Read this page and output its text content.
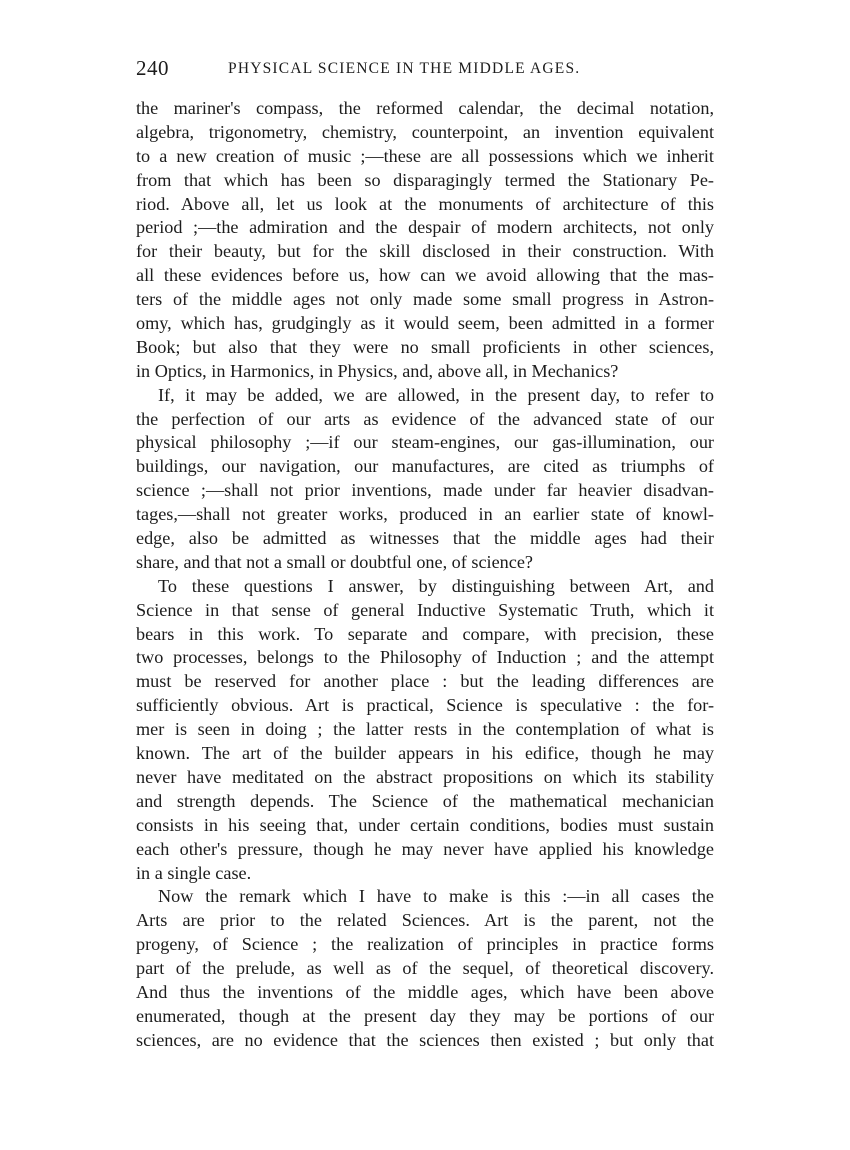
240	PHYSICAL SCIENCE IN THE MIDDLE AGES.
the mariner's compass, the reformed calendar, the decimal notation,
algebra, trigonometry, chemistry, counterpoint, an invention equivalent
to a new creation of music ;—these are all possessions which we inherit
from that which has been so disparagingly termed the Stationary Pe-
riod. Above all, let us look at the monuments of architecture of this
period ;—the admiration and the despair of modern architects, not only
for their beauty, but for the skill disclosed in their construction. With
all these evidences before us, how can we avoid allowing that the mas-
ters of the middle ages not only made some small progress in Astron-
omy, which has, grudgingly as it would seem, been admitted in a former
Book; but also that they were no small proficients in other sciences,
in Optics, in Harmonics, in Physics, and, above all, in Mechanics?
If, it may be added, we are allowed, in the present day, to refer to
the perfection of our arts as evidence of the advanced state of our
physical philosophy ;—if our steam-engines, our gas-illumination, our
buildings, our navigation, our manufactures, are cited as triumphs of
science ;—shall not prior inventions, made under far heavier disadvan-
tages,—shall not greater works, produced in an earlier state of knowl-
edge, also be admitted as witnesses that the middle ages had their
share, and that not a small or doubtful one, of science?
To these questions I answer, by distinguishing between Art, and
Science in that sense of general Inductive Systematic Truth, which it
bears in this work. To separate and compare, with precision, these
two processes, belongs to the Philosophy of Induction ; and the attempt
must be reserved for another place : but the leading differences are
sufficiently obvious. Art is practical, Science is speculative : the for-
mer is seen in doing ; the latter rests in the contemplation of what is
known. The art of the builder appears in his edifice, though he may
never have meditated on the abstract propositions on which its stability
and strength depends. The Science of the mathematical mechanician
consists in his seeing that, under certain conditions, bodies must sustain
each other's pressure, though he may never have applied his knowledge
in a single case.
Now the remark which I have to make is this :—in all cases the
Arts are prior to the related Sciences. Art is the parent, not the
progeny, of Science ; the realization of principles in practice forms
part of the prelude, as well as of the sequel, of theoretical discovery.
And thus the inventions of the middle ages, which have been above
enumerated, though at the present day they may be portions of our
sciences, are no evidence that the sciences then existed ; but only that
